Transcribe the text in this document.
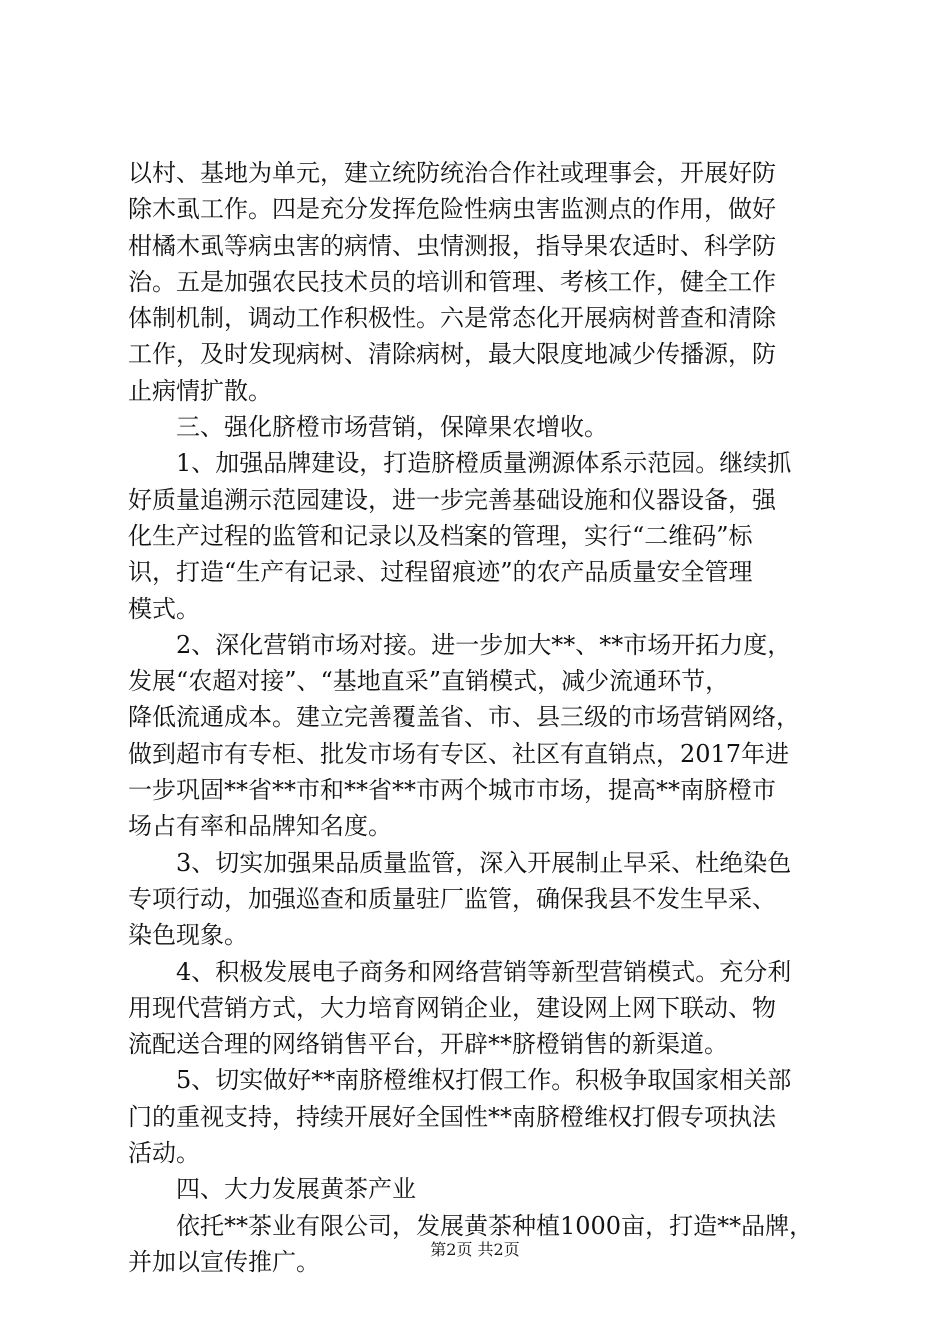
以村、基地为单元，建立统防统治合作社或理事会，开展好防
除木虱工作。四是充分发挥危险性病虫害监测点的作用，做好
柑橘木虱等病虫害的病情、虫情测报，指导果农适时、科学防
治。五是加强农民技术员的培训和管理、考核工作，健全工作
体制机制，调动工作积极性。六是常态化开展病树普查和清除
工作，及时发现病树、清除病树，最大限度地减少传播源，防
止病情扩散。
三、强化脐橙市场营销，保障果农增收。
1、加强品牌建设，打造脐橙质量溯源体系示范园。继续抓
好质量追溯示范园建设，进一步完善基础设施和仪器设备，强
化生产过程的监管和记录以及档案的管理，实行“二维码”标
识，打造“生产有记录、过程留痕迹”的农产品质量安全管理
模式。
2、深化营销市场对接。进一步加大**、**市场开拓力度，
发展“农超对接”、“基地直采”直销模式，减少流通环节，
降低流通成本。建立完善覆盖省、市、县三级的市场营销网络，
做到超市有专柜、批发市场有专区、社区有直销点，2017年进
一步巩固**省**市和**省**市两个城市市场，提高**南脐橙市
场占有率和品牌知名度。
3、切实加强果品质量监管，深入开展制止早采、杜绝染色
专项行动，加强巡查和质量驻厂监管，确保我县不发生早采、
染色现象。
4、积极发展电子商务和网络营销等新型营销模式。充分利
用现代营销方式，大力培育网销企业，建设网上网下联动、物
流配送合理的网络销售平台，开辟**脐橙销售的新渠道。
5、切实做好**南脐橙维权打假工作。积极争取国家相关部
门的重视支持，持续开展好全国性**南脐橙维权打假专项执法
活动。
四、大力发展黄茶产业
依托**茶业有限公司，发展黄茶种植1000亩，打造**品牌，
并加以宣传推广。	第2页 共2页
